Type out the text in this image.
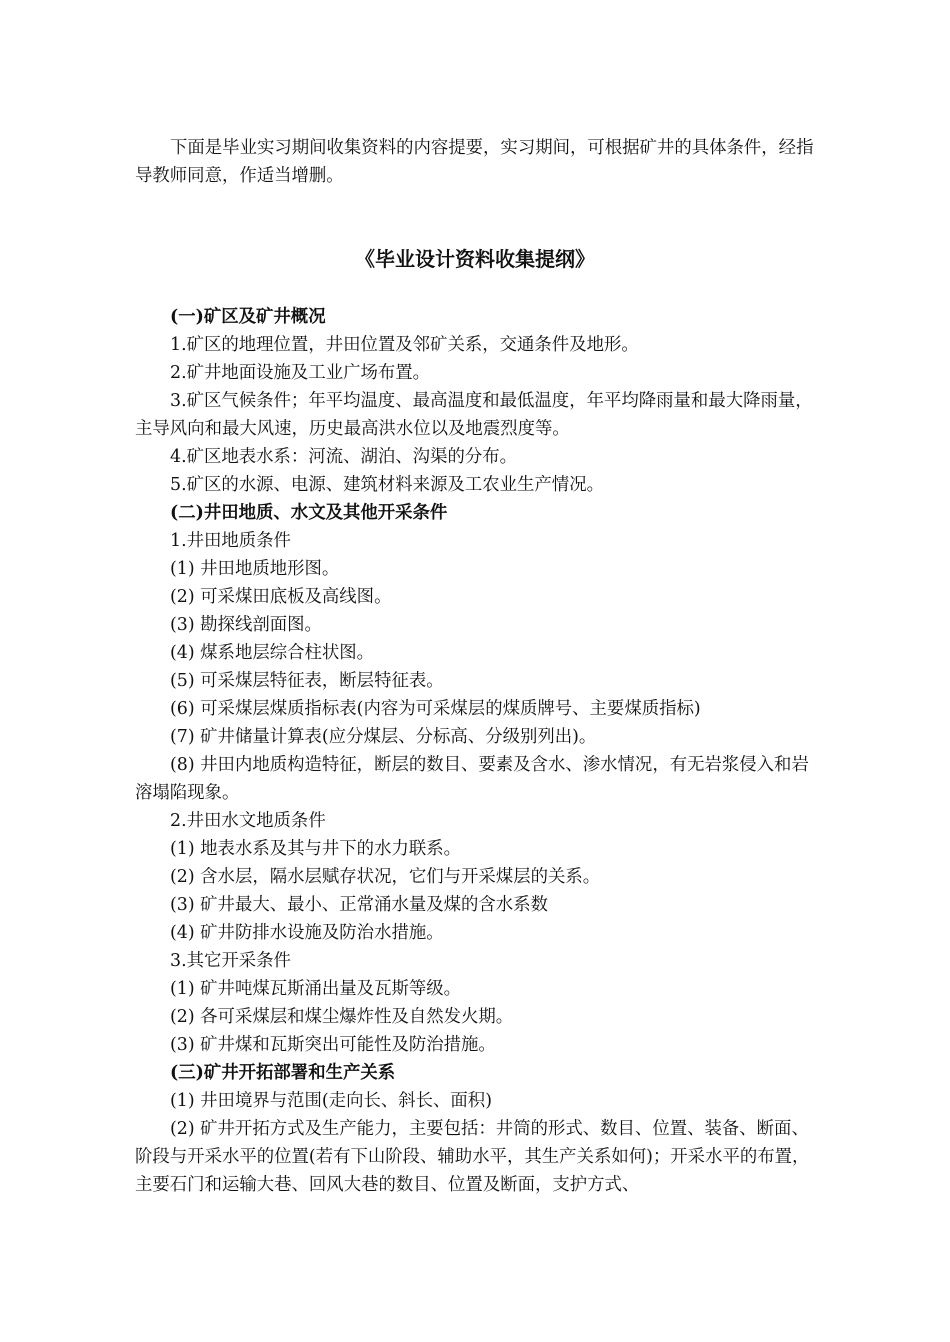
下面是毕业实习期间收集资料的内容提要，实习期间，可根据矿井的具体条件，经指导教师同意，作适当增删。

《毕业设计资料收集提纲》

(一)矿区及矿井概况

1.矿区的地理位置，井田位置及邻矿关系，交通条件及地形。

2.矿井地面设施及工业广场布置。

3.矿区气候条件；年平均温度、最高温度和最低温度，年平均降雨量和最大降雨量，主导风向和最大风速，历史最高洪水位以及地震烈度等。

4.矿区地表水系：河流、湖泊、沟渠的分布。

5.矿区的水源、电源、建筑材料来源及工农业生产情况。

(二)井田地质、水文及其他开采条件

1.井田地质条件

(1) 井田地质地形图。

(2) 可采煤田底板及高线图。

(3) 勘探线剖面图。

(4) 煤系地层综合柱状图。

(5) 可采煤层特征表，断层特征表。

(6) 可采煤层煤质指标表(内容为可采煤层的煤质牌号、主要煤质指标)

(7) 矿井储量计算表(应分煤层、分标高、分级别列出)。

(8) 井田内地质构造特征，断层的数目、要素及含水、渗水情况，有无岩浆侵入和岩溶塌陷现象。

2.井田水文地质条件

(1) 地表水系及其与井下的水力联系。

(2) 含水层，隔水层赋存状况，它们与开采煤层的关系。

(3) 矿井最大、最小、正常涌水量及煤的含水系数

(4) 矿井防排水设施及防治水措施。

3.其它开采条件

(1) 矿井吨煤瓦斯涌出量及瓦斯等级。

(2) 各可采煤层和煤尘爆炸性及自然发火期。

(3) 矿井煤和瓦斯突出可能性及防治措施。

(三)矿井开拓部署和生产关系

(1) 井田境界与范围(走向长、斜长、面积)

(2) 矿井开拓方式及生产能力，主要包括：井筒的形式、数目、位置、装备、断面、阶段与开采水平的位置(若有下山阶段、辅助水平，其生产关系如何)；开采水平的布置，主要石门和运输大巷、回风大巷的数目、位置及断面，支护方式、
